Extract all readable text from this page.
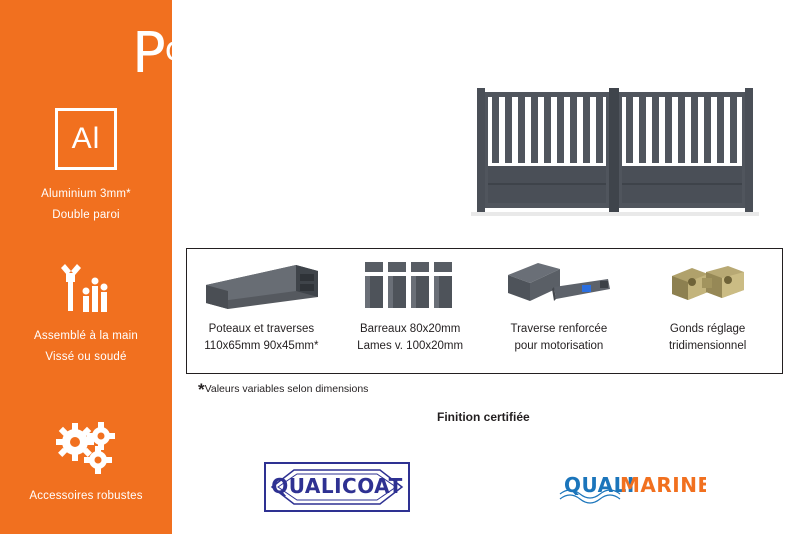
Al
Aluminium 3mm*
Double paroi
Assemblé à la main
Vissé ou soudé
Accessoires robustes
Portail semi barreaudé
Poteaux et traverses
110x65mm 90x45mm*
Barreaux 80x20mm
Lames v. 100x20mm
Traverse renforcée
pour motorisation
Gonds réglage
tridimensionnel
*Valeurs variables selon dimensions
Finition certifiée
QUALICOAT	QUALI
MARINE
